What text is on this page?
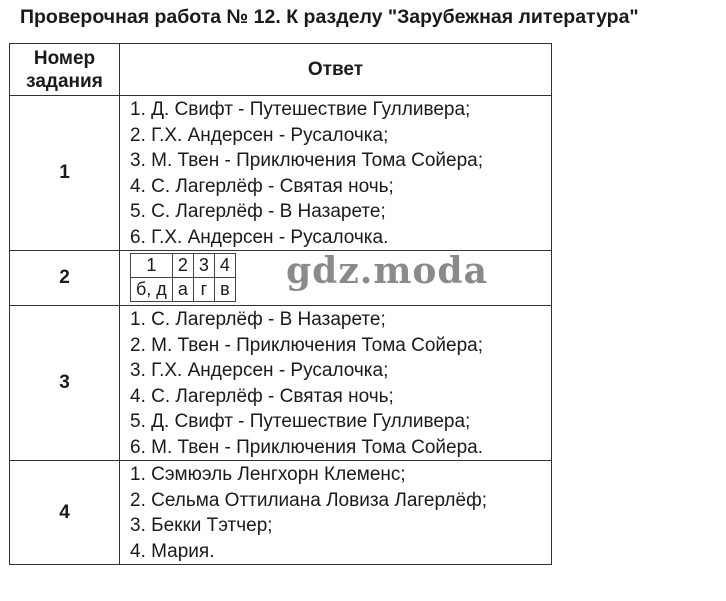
Проверочная работа № 12. К разделу "Зарубежная литература"
Номер задания	Ответ
1	
1. Д. Свифт - Путешествие Гулливера;
2. Г.Х. Андерсен - Русалочка;
3. М. Твен - Приключения Тома Сойера;
4. С. Лагерлёф - Святая ночь;
5. С. Лагерлёф - В Назарете;
6. Г.Х. Андерсен - Русалочка.

2	
1	2	3	4
б, д	а	г	в

3	
1. С. Лагерлёф - В Назарете;
2. М. Твен - Приключения Тома Сойера;
3. Г.Х. Андерсен - Русалочка;
4. С. Лагерлёф - Святая ночь;
5. Д. Свифт - Путешествие Гулливера;
6. М. Твен - Приключения Тома Сойера.

4	
1. Сэмюэль Ленгхорн Клеменс;
2. Сельма Оттилиана Ловиза Лагерлёф;
3. Бекки Тэтчер;
4. Мария.
gdz.moda
